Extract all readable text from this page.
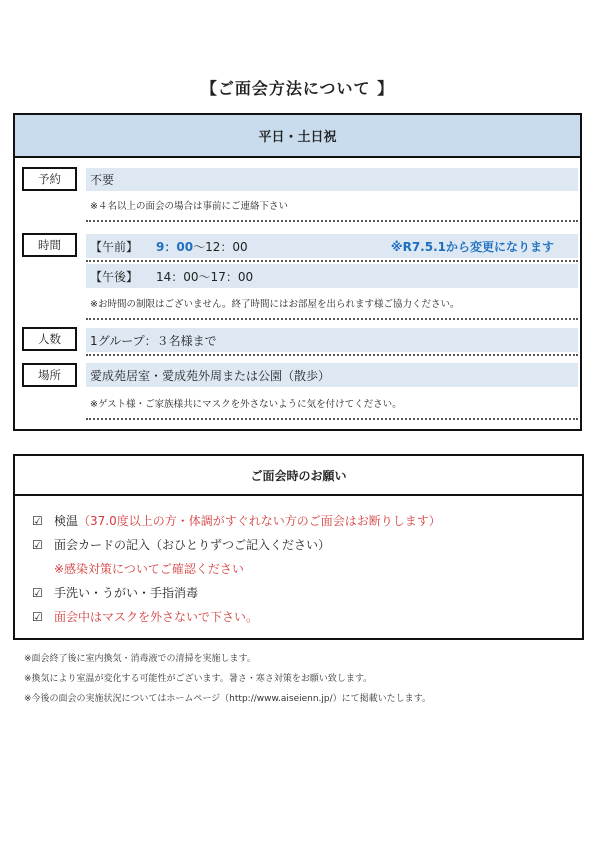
【ご面会方法について 】
平日・土日祝
予約	不要
※４名以上の面会の場合は事前にご連絡下さい
時間	【午前】 9：00 ～12：00	※R7.5.1から変更になります
【午後】 14：00～17：00
※お時間の制限はございません。終了時間にはお部屋を出られます様ご協力ください。
人数	1グループ：３名様まで
場所	愛成苑居室・愛成苑外周または公園（散歩）
※ゲスト様・ご家族様共にマスクを外さないように気を付けてください。
ご面会時のお願い
☑ 検温 （37.0度以上の方・体調がすぐれない方のご面会はお断りします）
☑ 面会カードの記入（おひとりずつご記入ください）
※感染対策についてご確認ください
☑ 手洗い・うがい・手指消毒
☑ 面会中はマスクを外さないで下さい。
※面会終了後に室内換気・消毒液での清掃を実施します。
※換気により室温が変化する可能性がございます。暑さ・寒さ対策をお願い致します。
※今後の面会の実施状況についてはホームページ（http://www.aiseienn.jp/）にて掲載いたします。
